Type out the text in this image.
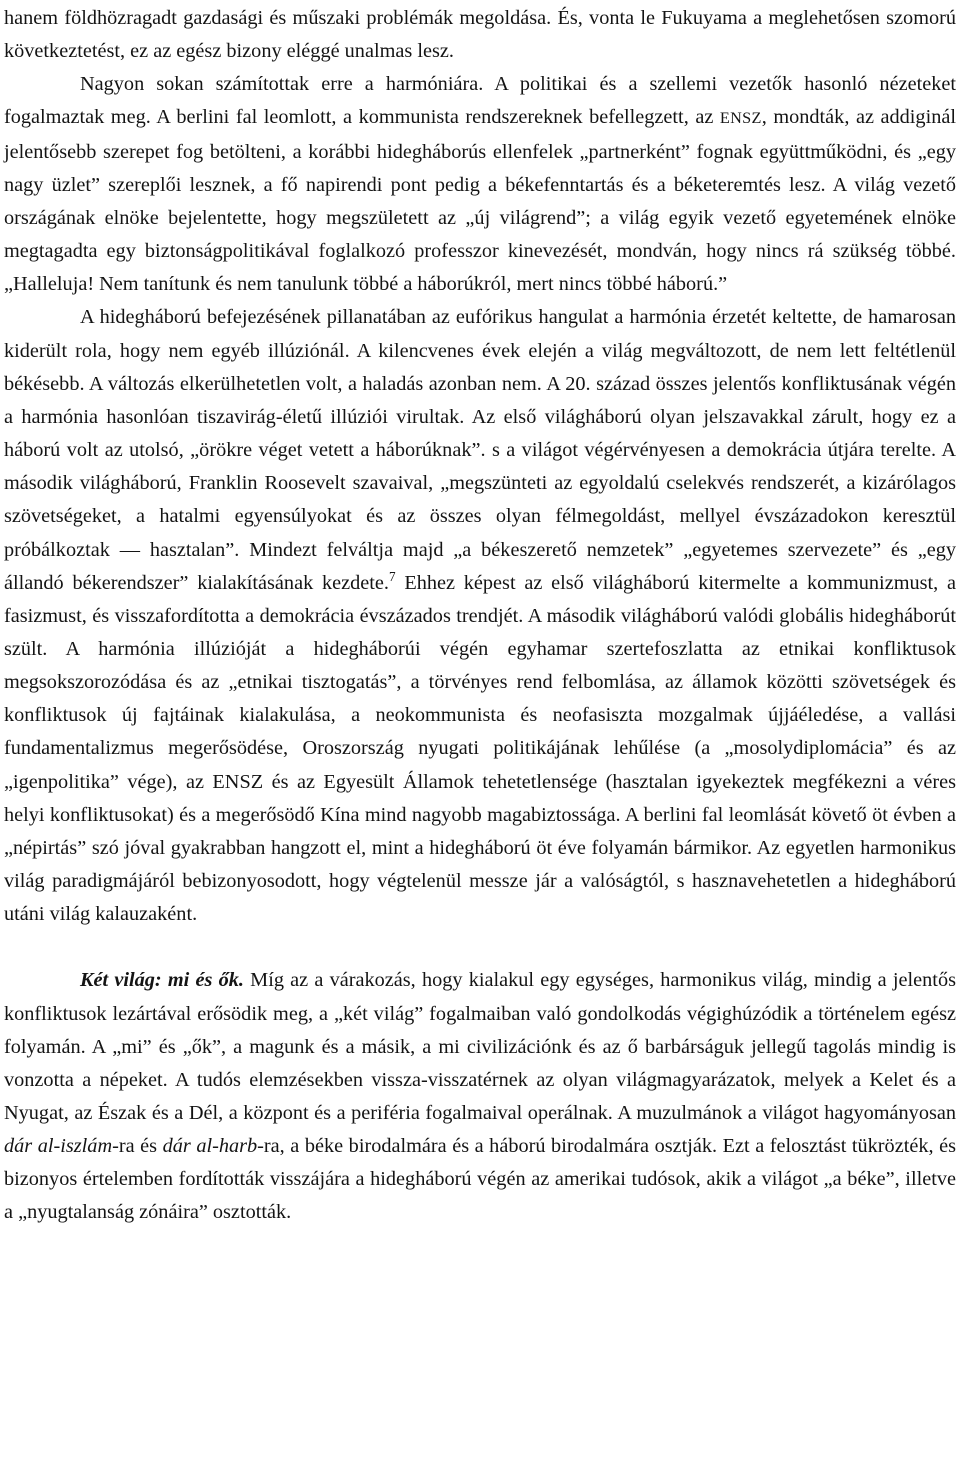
hanem földhözragadt gazdasági és műszaki problémák megoldása. És, vonta le Fukuyama a meglehetősen szomorú következtetést, ez az egész bizony eléggé unalmas lesz.

Nagyon sokan számítottak erre a harmóniára. A politikai és a szellemi vezetők hasonló nézeteket fogalmaztak meg. A berlini fal leomlott, a kommunista rendszereknek befellegzett, az ENSZ, mondták, az addiginál jelentősebb szerepet fog betölteni, a korábbi hidegháborús ellenfelek „partnerként” fognak együttműködni, és „egy nagy üzlet” szereplői lesznek, a fő napirendi pont pedig a békefenntartás és a béketeremtés lesz. A világ vezető országának elnöke bejelentette, hogy megszületett az „új világrend”; a világ egyik vezető egyetemének elnöke megtagadta egy biztonságpolitikával foglalkozó professzor kinevezését, mondván, hogy nincs rá szükség többé. „Halleluja! Nem tanítunk és nem tanulunk többé a háborúkról, mert nincs többé háború.”

A hidegháború befejezésének pillanatában az eufórikus hangulat a harmónia érzetét keltette, de hamarosan kiderült rola, hogy nem egyéb illúziónál. A kilencvenes évek elején a világ megváltozott, de nem lett feltétlenül békésebb. A változás elkerülhetetlen volt, a haladás azonban nem. A 20. század összes jelentős konfliktusának végén a harmónia hasonlóan tiszavirág-életű illúziói virultak. Az első világháború olyan jelszavakkal zárult, hogy ez a háború volt az utolsó, „örökre véget vetett a háborúknak”. s a világot végérvényesen a demokrácia útjára terelte. A második világháború, Franklin Roosevelt szavaival, „megszünteti az egyoldalú cselekvés rendszerét, a kizárólagos szövetségeket, a hatalmi egyensúlyokat és az összes olyan félmegoldást, mellyel évszázadokon keresztül próbálkoztak — hasztalan”. Mindezt felváltja majd „a békeszerető nemzetek” „egyetemes szervezete” és „egy állandó békerendszer” kialakításának kezdete.$^7$ Ehhez képest az első világháború kitermelte a kommunizmust, a fasizmust, és visszafordította a demokrácia évszázados trendjét. A második világháború valódi globális hidegháborút szült. A harmónia illúzióját a hidegháborúi végén egyhamar szertefoszlatta az etnikai konfliktusok megsokszorozódása és az „etnikai tisztogatás”, a törvényes rend felbomlása, az államok közötti szövetségek és konfliktusok új fajtáinak kialakulása, a neokommunista és neofasiszta mozgalmak újjáéledése, a vallási fundamentalizmus megerősödése, Oroszország nyugati politikájának lehűlése (a „mosolydiplomácia” és az „igenpolitika” vége), az ENSZ és az Egyesült Államok tehetetlensége (hasztalan igyekeztek megfékezni a véres helyi konfliktusokat) és a megerősödő Kína mind nagyobb magabiztossága. A berlini fal leomlását követő öt évben a „népirtás” szó jóval gyakrabban hangzott el, mint a hidegháború öt éve folyamán bármikor. Az egyetlen harmonikus világ paradigmájáról bebizonyosodott, hogy végtelenül messze jár a valóságtól, s hasznavehetetlen a hidegháború utáni világ kalauzaként.

Két világ: mi és ők. Míg az a várakozás, hogy kialakul egy egységes, harmonikus világ, mindig a jelentős konfliktusok lezártával erősödik meg, a „két világ” fogalmaiban való gondolkodás végighúzódik a történelem egész folyamán. A „mi” és „ők”, a magunk és a másik, a mi civilizációnk és az ő barbárságuk jellegű tagolás mindig is vonzotta a népeket. A tudós elemzésekben vissza-visszatérnek az olyan világmagyarázatok, melyek a Kelet és a Nyugat, az Észak és a Dél, a központ és a periféria fogalmaival operálnak. A muzulmánok a világot hagyományosan dár al-iszlám-ra és dár al-harb-ra, a béke birodalmára és a háború birodalmára osztják. Ezt a felosztást tükrözték, és bizonyos értelemben fordították visszájára a hidegháború végén az amerikai tudósok, akik a világot „a béke”, illetve a „nyugtalanság zónáira” osztották.
